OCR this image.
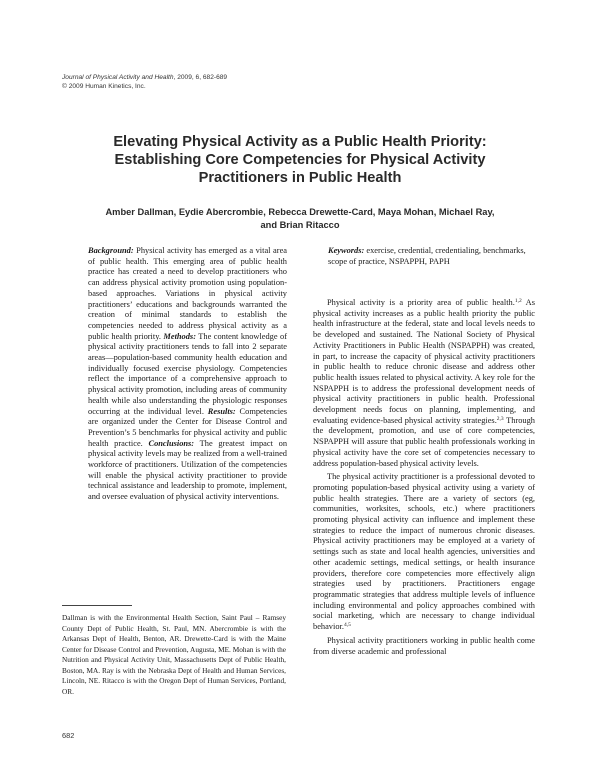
Journal of Physical Activity and Health, 2009, 6, 682-689
© 2009 Human Kinetics, Inc.
Elevating Physical Activity as a Public Health Priority:
Establishing Core Competencies for Physical Activity
Practitioners in Public Health
Amber Dallman, Eydie Abercrombie, Rebecca Drewette-Card, Maya Mohan, Michael Ray,
and Brian Ritacco

Background: Physical activity has emerged as a vital area of public health. This emerging area of public health practice has created a need to develop practitioners who can address physical activity promotion using population-based approaches. Variations in physical activity practitioners’ educations and backgrounds warranted the creation of minimal standards to establish the competencies needed to address physical activity as a public health priority. Methods: The content knowledge of physical activity practitioners tends to fall into 2 separate areas—population-based community health education and individually focused exercise physiology. Competencies reflect the importance of a comprehensive approach to physical activity promotion, including areas of community health while also understanding the physiologic responses occurring at the individual level. Results: Competencies are organized under the Center for Disease Control and Prevention’s 5 benchmarks for physical activity and public health practice. Conclusions: The greatest impact on physical activity levels may be realized from a well-trained workforce of practitioners. Utilization of the competencies will enable the physical activity practitioner to provide technical assistance and leadership to promote, implement, and oversee evaluation of physical activity interventions.

Keywords: exercise, credential, credentialing, benchmarks, scope of practice, NSPAPPH, PAPH

Physical activity is a priority area of public health.$^{1,2}$ As physical activity increases as a public health priority the public health infrastructure at the federal, state and local levels needs to be developed and sustained. The National Society of Physical Activity Practitioners in Public Health (NSPAPPH) was created, in part, to increase the capacity of physical activity practitioners in public health to reduce chronic disease and address other public health issues related to physical activity. A key role for the NSPAPPH is to address the professional development needs of physical activity practitioners in public health. Professional development needs focus on planning, implementing, and evaluating evidence-based physical activity strategies.$^{2,3}$ Through the development, promotion, and use of core competencies, NSPAPPH will assure that public health professionals working in physical activity have the core set of competencies necessary to address population-based physical activity levels.

The physical activity practitioner is a professional devoted to promoting population-based physical activity using a variety of public health strategies. There are a variety of sectors (eg, communities, worksites, schools, etc.) where practitioners promoting physical activity can influence and implement these strategies to reduce the impact of numerous chronic diseases. Physical activity practitioners may be employed at a variety of settings such as state and local health agencies, universities and other academic settings, medical settings, or health insurance providers, therefore core competencies more effectively align strategies used by practitioners. Practitioners engage programmatic strategies that address multiple levels of influence including environmental and policy approaches combined with social marketing, which are necessary to change individual behavior.$^{4,5}$

Physical activity practitioners working in public health come from diverse academic and professional

Dallman is with the Environmental Health Section, Saint Paul – Ramsey County Dept of Public Health, St. Paul, MN. Abercrombie is with the Arkansas Dept of Health, Benton, AR. Drewette-Card is with the Maine Center for Disease Control and Prevention, Augusta, ME. Mohan is with the Nutrition and Physical Activity Unit, Massachusetts Dept of Public Health, Boston, MA. Ray is with the Nebraska Dept of Health and Human Services, Lincoln, NE. Ritacco is with the Oregon Dept of Human Services, Portland, OR.
682
